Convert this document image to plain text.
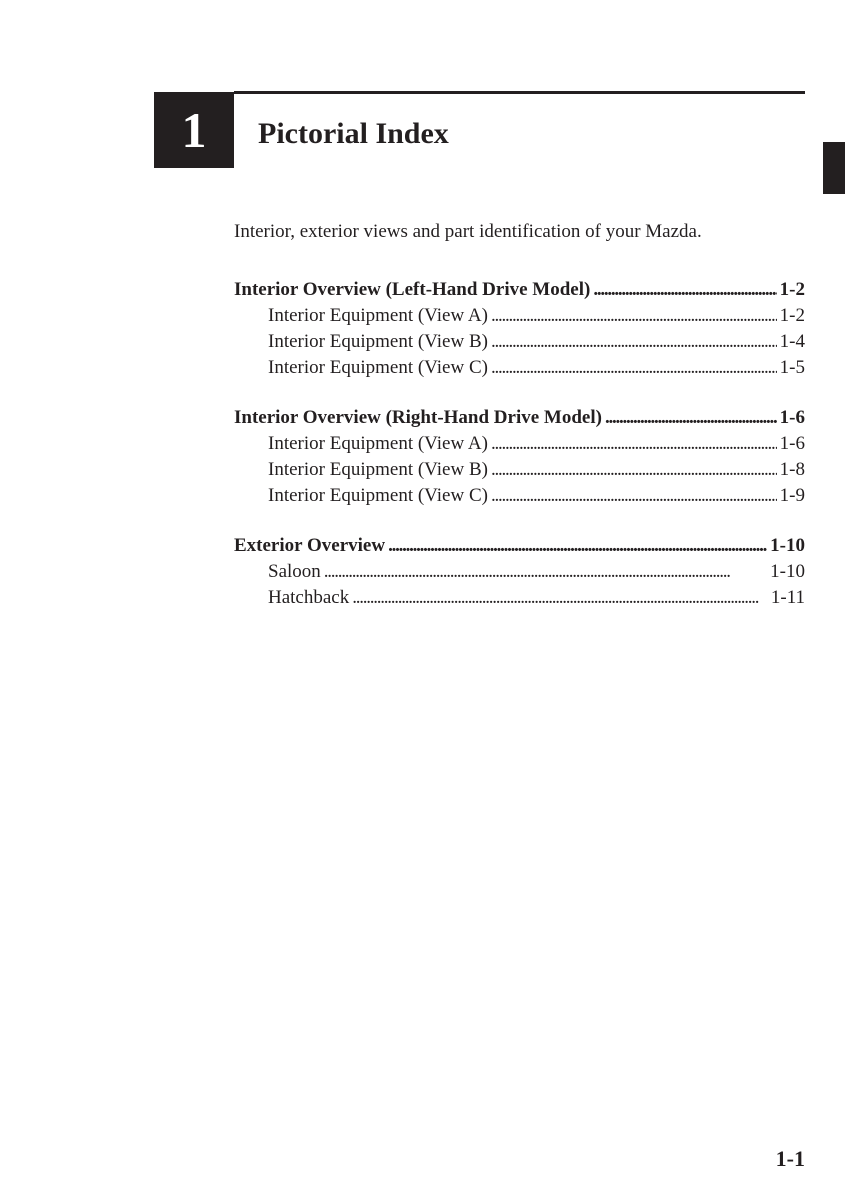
1	Pictorial Index

Interior, exterior views and part identification of your Mazda.

Interior Overview (Left-Hand Drive Model) . . .	1-2
Interior Equipment (View A) . . .	1-2
Interior Equipment (View B) . . .	1-4
Interior Equipment (View C) . . .	1-5
Interior Overview (Right-Hand Drive Model) . . .	1-6
Interior Equipment (View A) . . .	1-6
Interior Equipment (View B) . . .	1-8
Interior Equipment (View C) . . .	1-9
Exterior Overview . . .	1-10
Saloon . . .	1-10
Hatchback . . .	1-11

1-1
